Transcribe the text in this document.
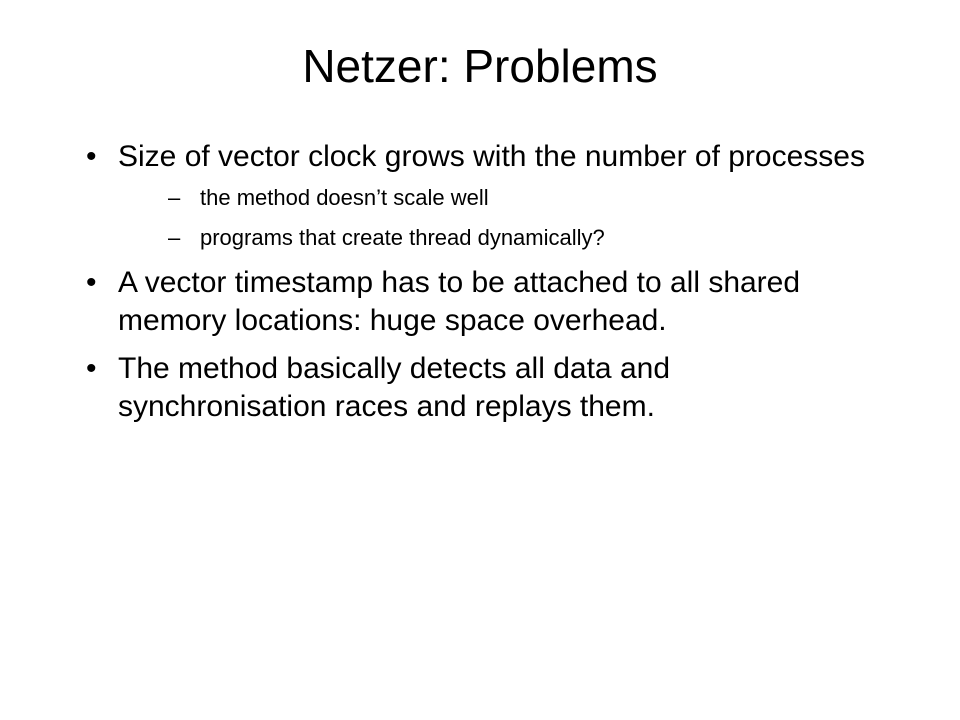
Netzer: Problems
• Size of vector clock grows with the number of processes
– the method doesn’t scale well
– programs that create thread dynamically?
• A vector timestamp has to be attached to all shared memory locations: huge space overhead.
• The method basically detects all data and synchronisation races and replays them.
